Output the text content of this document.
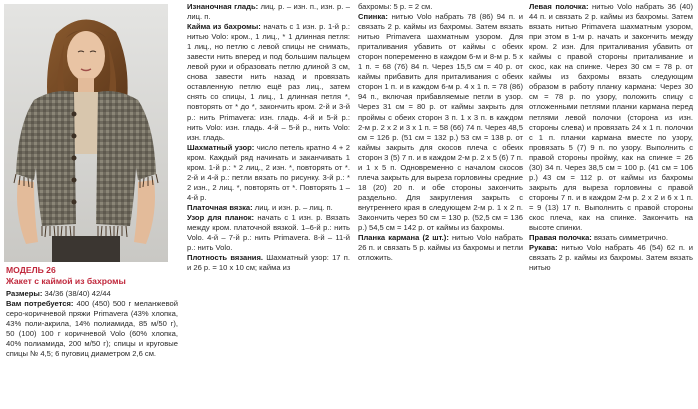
МОДЕЛЬ 26
Жакет с каймой из бахромы

Размеры: 34/36 (38/40) 42/44

Вам потребуется: 400 (450) 500 г меланжевой серо-коричневой пряжи Primavera (43% хлопка, 43% поли-акрила, 14% полиамида, 85 м/50 г), 50 (100) 100 г коричневой Volo (60% хлопка, 40% полиамида, 200 м/50 г); спицы и круговые спицы № 4,5; 6 пуговиц диаметром 2,6 см.

Изнаночная гладь: лиц. р. – изн. п., изн. р. – лиц. п.

Кайма из бахромы: начать с 1 изн. р. 1-й р.: нитью Volo: кром., 1 лиц., * 1 длинная петля: 1 лиц., но петлю с левой спицы не снимать, завести нить вперед и под большим пальцем левой руки и образовать петлю длиной 3 см, снова завести нить назад и провязать оставленную петлю ещё раз лиц., затем снять со спицы, 1 лиц., 1 длинная петля *, повторять от * до *, закончить кром. 2-й и 3-й р.: нить Primavera: изн. гладь. 4-й и 5-й р.: нить Volo: изн. гладь. 4-й – 5-й р., нить Volo: изн. гладь.

Шахматный узор: число петель кратно 4 + 2 кром. Каждый ряд начинать и заканчивать 1 кром. 1-й р.: * 2 лиц., 2 изн. *, повторять от *. 2-й и 4-й р.: петли вязать по рисунку. 3-й р.: * 2 изн., 2 лиц. *, повторять от *. Повторять 1 – 4-й р.

Платочная вязка: лиц. и изн. р. – лиц. п.

Узор для планок: начать с 1 изн. р. Вязать между кром. платочной вязкой. 1–6-й р.: нить Volo. 4-й – 7-й р.: нить Primavera. 8-й – 11-й р.: нить Volo.

Плотность вязания. Шахматный узор: 17 п. и 26 р. = 10 х 10 см; кайма из

бахромы: 5 р. = 2 см.

Спинка: нитью Volo набрать 78 (86) 94 п. и связать 2 р. каймы из бахромы. Затем вязать нитью Primavera шахматным узором. Для приталивания убавить от каймы с обеих сторон попеременно в каждом 6-м и 8-м р. 5 х 1 п. = 68 (76) 84 п. Через 15,5 см = 40 р. от каймы прибавить для приталивания с обеих сторон 1 п. и в каждом 6-м р. 4 х 1 п. = 78 (86) 94 п., включая прибавляемые петли в узор. Через 31 см = 80 р. от каймы закрыть для проймы с обеих сторон 3 п. 1 х 3 п. в каждом 2-м р. 2 х 2 и 3 х 1 п. = 58 (66) 74 п. Через 48,5 см = 126 р. (51 см = 132 р.) 53 см = 138 р. от каймы закрыть для скосов плеча с обеих сторон 3 (5) 7 п. и в каждом 2-м р. 2 х 5 (6) 7 п. и 1 х 5 п. Одновременно с началом скосов плеча закрыть для выреза горловины средние 18 (20) 20 п. и обе стороны закончить раздельно. Для закругления закрыть с внутреннего края в следующем 2-м р. 1 х 2 п. Закончить через 50 см = 130 р. (52,5 см = 136 р.) 54,5 см = 142 р. от каймы из бахромы.

Планка кармана (2 шт.): нитью Volo набрать 26 п. и связать 5 р. каймы из бахромы и петли отложить.

Левая полочка: нитью Volo набрать 36 (40) 44 п. и связать 2 р. каймы из бахромы. Затем вязать нитью Primavera шахматным узором, при этом в 1-м р. начать и закончить между кром. 2 изн. Для приталивания убавить от каймы с правой стороны приталивание и скос, как на спинке. Через 30 см = 78 р. от каймы из бахромы вязать следующим образом в работу планку кармана: Через 30 см = 78 р. по узору, положить спицу с отложенными петлями планки кармана перед петлями левой полочки (сторона из изн. стороны слева) и провязать 24 х 1 п. полочки с 1 п. планки кармана вместе по узору, провязать 5 (7) 9 п. по узору. Выполнить с правой стороны пройму, как на спинке = 26 (30) 34 п. Через 38,5 см = 100 р. (41 см = 106 р.) 43 см = 112 р. от каймы из бахромы закрыть для выреза горловины с правой стороны 7 п. и в каждом 2-м р. 2 х 2 и 6 х 1 п. = 9 (13) 17 п. Выполнить с правой стороны скос плеча, как на спинке. Закончить на высоте спинки.

Правая полочка: вязать симметрично.

Рукава: нитью Volo набрать 46 (54) 62 п. и связать 2 р. каймы из бахромы. Затем вязать нитью
